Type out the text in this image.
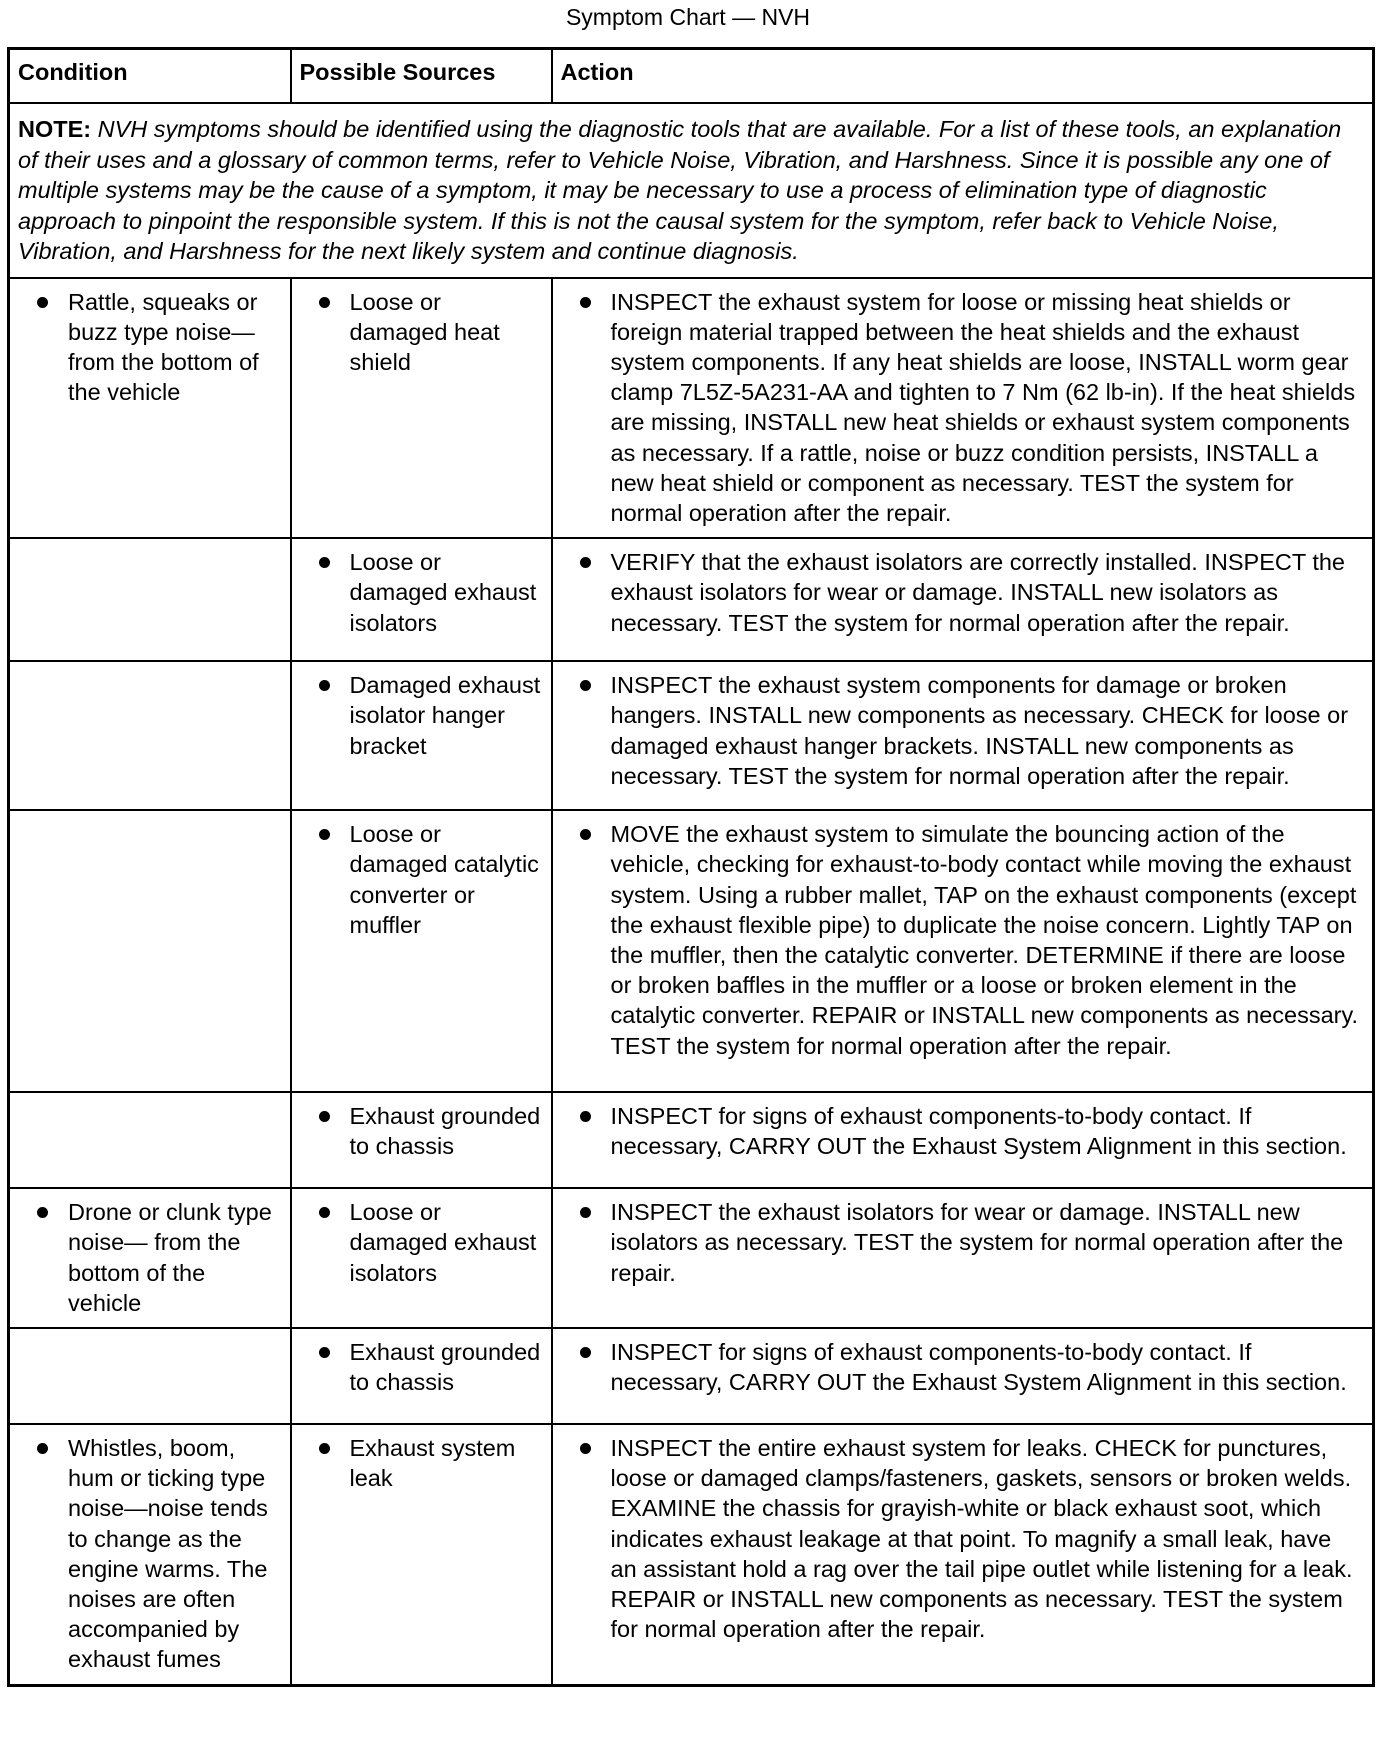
Symptom Chart — NVH
Condition	Possible Sources	Action
NOTE: NVH symptoms should be identified using the diagnostic tools that are available. For a list of these tools, an explanation of their uses and a glossary of common terms, refer to Vehicle Noise, Vibration, and Harshness. Since it is possible any one of multiple systems may be the cause of a symptom, it may be necessary to use a process of elimination type of diagnostic approach to pinpoint the responsible system. If this is not the causal system for the symptom, refer back to Vehicle Noise, Vibration, and Harshness for the next likely system and continue diagnosis.		

Rattle, squeaks or buzz type noise—from the bottom of the vehicle	Loose or damaged heat shield	INSPECT the exhaust system for loose or missing heat shields or foreign material trapped between the heat shields and the exhaust system components. If any heat shields are loose, INSTALL worm gear clamp 7L5Z-5A231-AA and tighten to 7 Nm (62 lb-in). If the heat shields are missing, INSTALL new heat shields or exhaust system components as necessary. If a rattle, noise or buzz condition persists, INSTALL a new heat shield or component as necessary. TEST the system for normal operation after the repair.

	Loose or damaged exhaust isolators	VERIFY that the exhaust isolators are correctly installed. INSPECT the exhaust isolators for wear or damage. INSTALL new isolators as necessary. TEST the system for normal operation after the repair.

	Damaged exhaust isolator hanger bracket	INSPECT the exhaust system components for damage or broken hangers. INSTALL new components as necessary. CHECK for loose or damaged exhaust hanger brackets. INSTALL new components as necessary. TEST the system for normal operation after the repair.

	Loose or damaged catalytic converter or muffler	MOVE the exhaust system to simulate the bouncing action of the vehicle, checking for exhaust-to-body contact while moving the exhaust system. Using a rubber mallet, TAP on the exhaust components (except the exhaust flexible pipe) to duplicate the noise concern. Lightly TAP on the muffler, then the catalytic converter. DETERMINE if there are loose or broken baffles in the muffler or a loose or broken element in the catalytic converter. REPAIR or INSTALL new components as necessary. TEST the system for normal operation after the repair.

	Exhaust grounded to chassis	INSPECT for signs of exhaust components-to-body contact. If necessary, CARRY OUT the Exhaust System Alignment in this section.

Drone or clunk type noise— from the bottom of the vehicle	Loose or damaged exhaust isolators	INSPECT the exhaust isolators for wear or damage. INSTALL new isolators as necessary. TEST the system for normal operation after the repair.

	Exhaust grounded to chassis	INSPECT for signs of exhaust components-to-body contact. If necessary, CARRY OUT the Exhaust System Alignment in this section.

Whistles, boom, hum or ticking type noise—noise tends to change as the engine warms. The noises are often accompanied by exhaust fumes	Exhaust system leak	INSPECT the entire exhaust system for leaks. CHECK for punctures, loose or damaged clamps/fasteners, gaskets, sensors or broken welds. EXAMINE the chassis for grayish-white or black exhaust soot, which indicates exhaust leakage at that point. To magnify a small leak, have an assistant hold a rag over the tail pipe outlet while listening for a leak. REPAIR or INSTALL new components as necessary. TEST the system for normal operation after the repair.
